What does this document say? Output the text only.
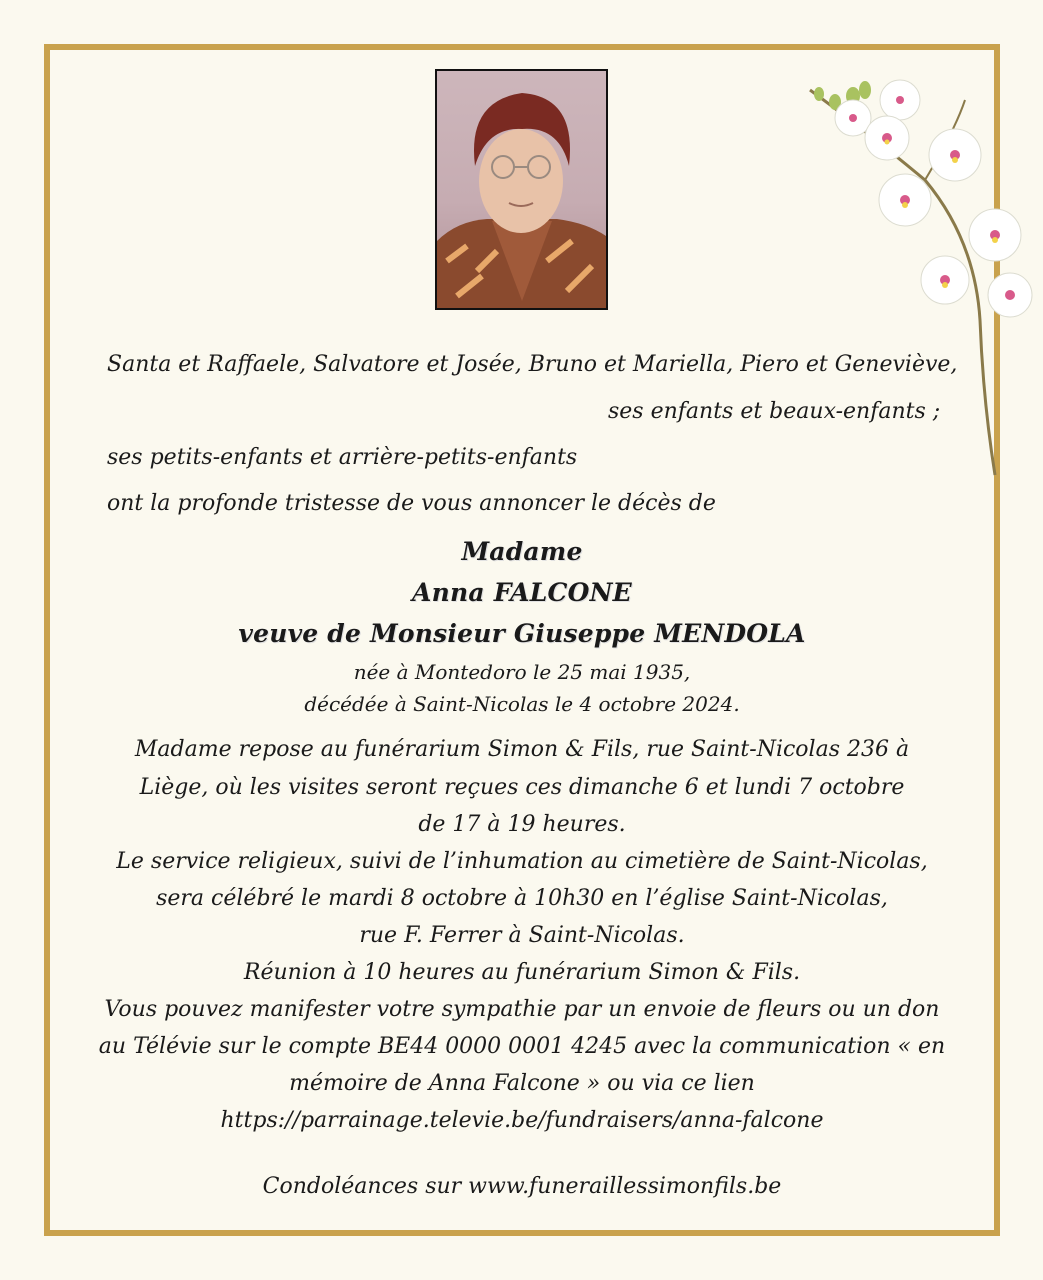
Santa et Raffaele, Salvatore et Josée, Bruno et Mariella, Piero et Geneviève,
ses enfants et beaux-enfants ;
ses petits-enfants et arrière-petits-enfants
ont la profonde tristesse de vous annoncer le décès de
Madame
Anna FALCONE
veuve de Monsieur Giuseppe MENDOLA
née à Montedoro le 25 mai 1935,
décédée à Saint-Nicolas le 4 octobre 2024.
Madame repose au funérarium Simon & Fils, rue Saint-Nicolas 236 à
Liège, où les visites seront reçues ces dimanche 6 et lundi 7 octobre
de 17 à 19 heures.
Le service religieux, suivi de l’inhumation au cimetière de Saint-Nicolas,
sera célébré le mardi 8 octobre à 10h30 en l’église Saint-Nicolas,
rue F. Ferrer à Saint-Nicolas.
Réunion à 10 heures au funérarium Simon & Fils.
Vous pouvez manifester votre sympathie par un envoie de fleurs ou un don
au Télévie sur le compte BE44 0000 0001 4245 avec la communication « en
mémoire de Anna Falcone » ou via ce lien
https://parrainage.televie.be/fundraisers/anna-falcone
Condoléances sur www.funeraillessimonfils.be
